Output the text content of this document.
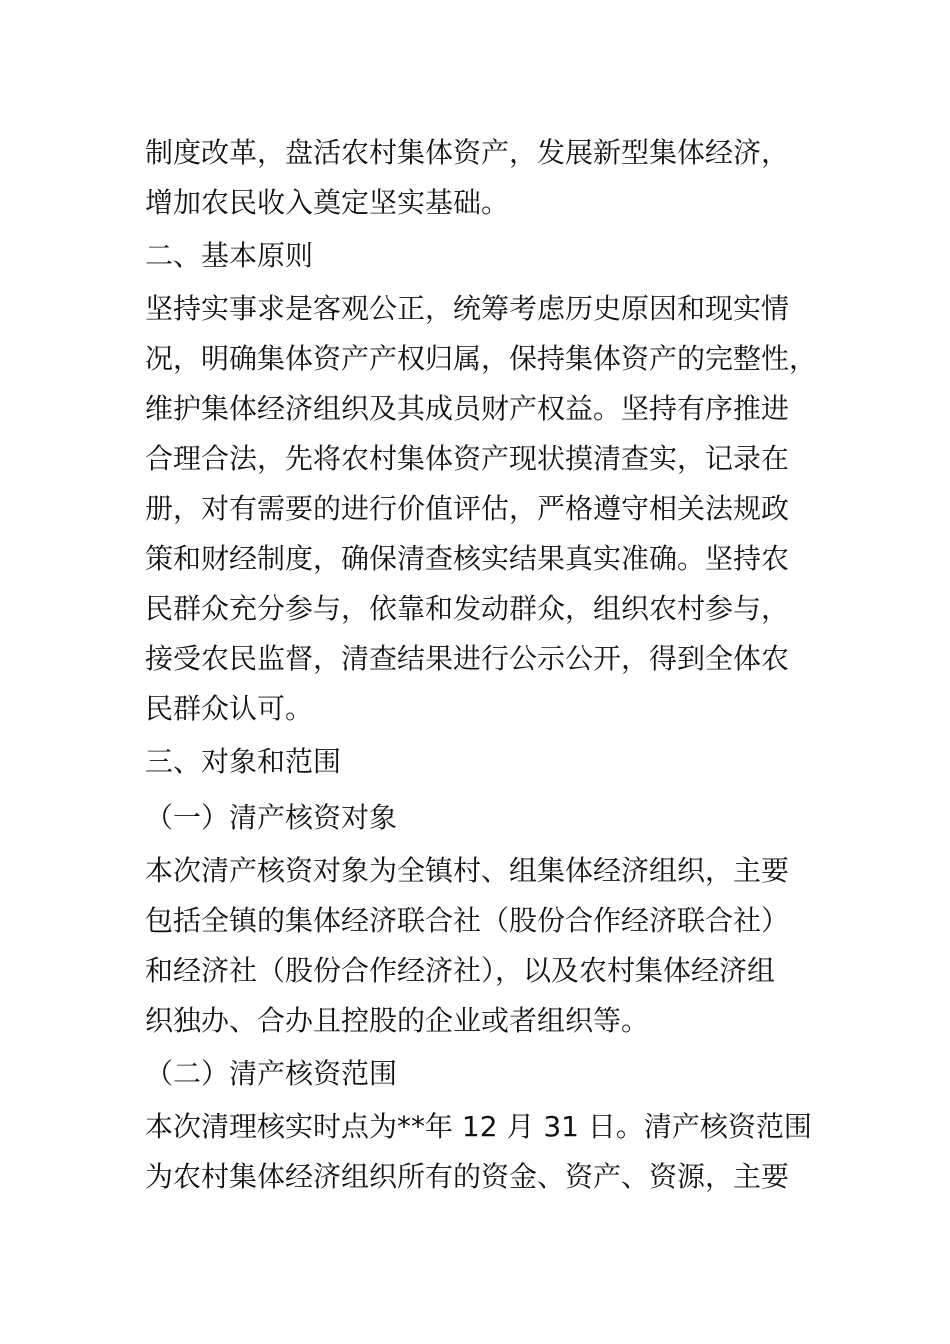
制度改革，盘活农村集体资产，发展新型集体经济，
增加农民收入奠定坚实基础。
二、基本原则
坚持实事求是客观公正，统筹考虑历史原因和现实情
况，明确集体资产产权归属，保持集体资产的完整性，
维护集体经济组织及其成员财产权益。坚持有序推进
合理合法，先将农村集体资产现状摸清查实，记录在
册，对有需要的进行价值评估，严格遵守相关法规政
策和财经制度，确保清查核实结果真实准确。坚持农
民群众充分参与，依靠和发动群众，组织农村参与，
接受农民监督，清查结果进行公示公开，得到全体农
民群众认可。
三、对象和范围
（一）清产核资对象
本次清产核资对象为全镇村、组集体经济组织，主要
包括全镇的集体经济联合社（股份合作经济联合社）
和经济社（股份合作经济社），以及农村集体经济组
织独办、合办且控股的企业或者组织等。
（二）清产核资范围
本次清理核实时点为**年 12 月 31 日。清产核资范围
为农村集体经济组织所有的资金、资产、资源，主要
